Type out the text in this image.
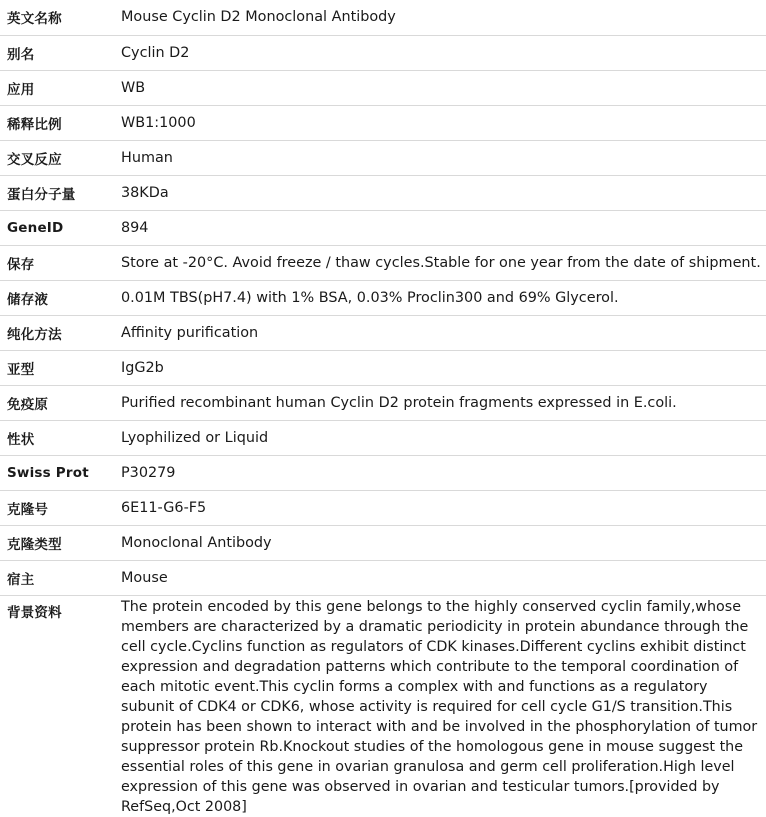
英文名称	Mouse Cyclin D2 Monoclonal Antibody
别名	Cyclin D2
应用	WB
稀释比例	WB1:1000
交叉反应	Human
蛋白分子量	38KDa
GeneID	894
保存	Store at -20°C. Avoid freeze / thaw cycles.Stable for one year from the date of shipment.
储存液	0.01M TBS(pH7.4) with 1% BSA, 0.03% Proclin300 and 69% Glycerol.
纯化方法	Affinity purification
亚型	IgG2b
免疫原	Purified recombinant human Cyclin D2 protein fragments expressed in E.coli.
性状	Lyophilized or Liquid
Swiss Prot	P30279
克隆号	6E11-G6-F5
克隆类型	Monoclonal Antibody
宿主	Mouse
背景资料	The protein encoded by this gene belongs to the highly conserved cyclin family,whose members are characterized by a dramatic periodicity in protein abundance through the cell cycle.Cyclins function as regulators of CDK kinases.Different cyclins exhibit distinct expression and degradation patterns which contribute to the temporal coordination of each mitotic event.This cyclin forms a complex with and functions as a regulatory subunit of CDK4 or CDK6, whose activity is required for cell cycle G1/S transition.This protein has been shown to interact with and be involved in the phosphorylation of tumor suppressor protein Rb.Knockout studies of the homologous gene in mouse suggest the essential roles of this gene in ovarian granulosa and germ cell proliferation.High level expression of this gene was observed in ovarian and testicular tumors.[provided by RefSeq,Oct 2008]
